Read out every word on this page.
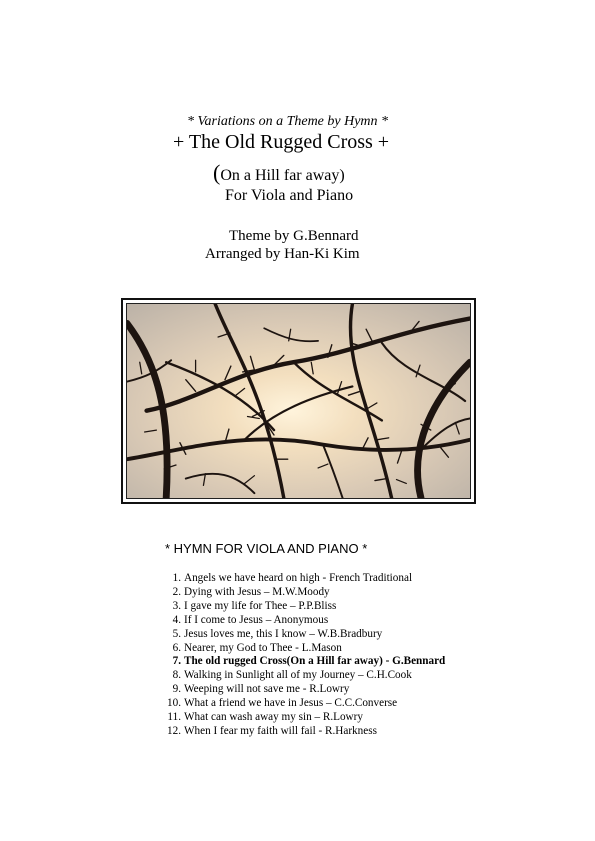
* Variations on a Theme by Hymn *
+ The Old Rugged Cross +
(On a Hill far away)
For Viola and Piano
Theme by G.Bennard
Arranged by Han-Ki Kim
* HYMN FOR VIOLA AND PIANO *
1. Angels we have heard on high - French Traditional
2. Dying with Jesus – M.W.Moody
3. I gave my life for Thee – P.P.Bliss
4. If I come to Jesus – Anonymous
5. Jesus loves me, this I know – W.B.Bradbury
6. Nearer, my God to Thee - L.Mason
7. The old rugged Cross(On a Hill far away) - G.Bennard
8. Walking in Sunlight all of my Journey – C.H.Cook
9. Weeping will not save me - R.Lowry
10. What a friend we have in Jesus – C.C.Converse
11. What can wash away my sin – R.Lowry
12. When I fear my faith will fail - R.Harkness
